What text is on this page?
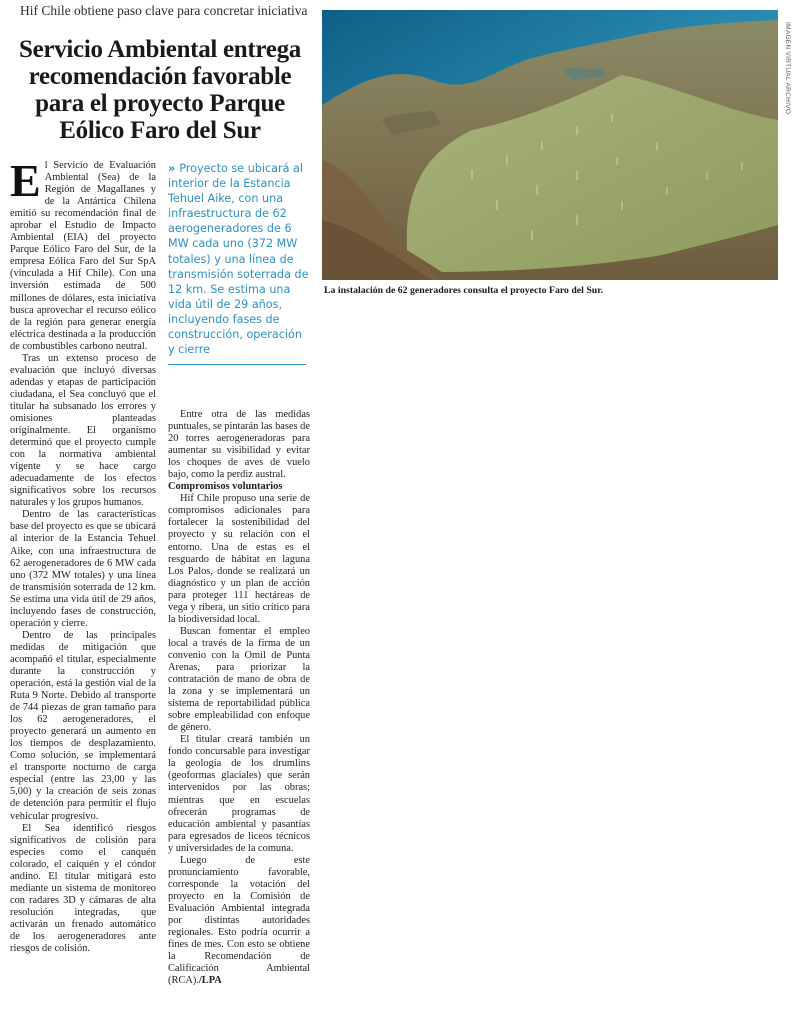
Hif Chile obtiene paso clave para concretar iniciativa
Servicio Ambiental entrega recomendación favorable para el proyecto Parque Eólico Faro del Sur
IMAGEN VIRTUAL ARCHIVO
La instalación de 62 generadores consulta el proyecto Faro del Sur.

El Servicio de Evaluación Ambiental (Sea) de la Región de Magallanes y de la Antártica Chilena emitió su recomendación final de aprobar el Estudio de Impacto Ambiental (EIA) del proyecto Parque Eólico Faro del Sur, de la empresa Eólica Faro del Sur SpA (vinculada a Hif Chile). Con una inversión estimada de 500 millones de dólares, esta iniciativa busca aprovechar el recurso eólico de la región para generar energía eléctrica destinada a la producción de combustibles carbono neutral.

Tras un extenso proceso de evaluación que incluyó diversas adendas y etapas de participación ciudadana, el Sea concluyó que el titular ha subsanado los errores y omisiones planteadas originalmente. El organismo determinó que el proyecto cumple con la normativa ambiental vigente y se hace cargo adecuadamente de los efectos significativos sobre los recursos naturales y los grupos humanos.

Dentro de las características base del proyecto es que se ubicará al interior de la Estancia Tehuel Aike, con una infraestructura de 62 aerogeneradores de 6 MW cada uno (372 MW totales) y una línea de transmisión soterrada de 12 km. Se estima una vida útil de 29 años, incluyendo fases de construcción, operación y cierre.

Dentro de las principales medidas de mitigación que acompañó el titular, especialmente durante la construcción y operación, está la gestión vial de la Ruta 9 Norte. Debido al transporte de 744 piezas de gran tamaño para los 62 aerogeneradores, el proyecto generará un aumento en los tiempos de desplazamiento. Como solución, se implementará el transporte nocturno de carga especial (entre las 23,00 y las 5,00) y la creación de seis zonas de detención para permitir el flujo vehicular progresivo.

El Sea identificó riesgos significativos de colisión para especies como el canquén colorado, el caiquén y el cóndor andino. El titular mitigará esto mediante un sistema de monitoreo con radares 3D y cámaras de alta resolución integradas, que activarán un frenado automático de los aerogeneradores ante riesgos de colisión.

» Proyecto se ubicará al interior de la Estancia Tehuel Aike, con una infraestructura de 62 aerogeneradores de 6 MW cada uno (372 MW totales) y una línea de transmisión soterrada de 12 km. Se estima una vida útil de 29 años, incluyendo fases de construcción, operación y cierre

Entre otra de las medidas puntuales, se pintarán las bases de 20 torres aerogeneradoras para aumentar su visibilidad y evitar los choques de aves de vuelo bajo, como la perdiz austral.

Compromisos voluntarios

Hif Chile propuso una serie de compromisos adicionales para fortalecer la sostenibilidad del proyecto y su relación con el entorno. Una de estas es el resguardo de hábitat en laguna Los Palos, donde se realizará un diagnóstico y un plan de acción para proteger 111 hectáreas de vega y ribera, un sitio crítico para la biodiversidad local.

Buscan fomentar el empleo local a través de la firma de un convenio con la Omil de Punta Arenas, para priorizar la contratación de mano de obra de la zona y se implementará un sistema de reportabilidad pública sobre empleabilidad con enfoque de género.

El titular creará también un fondo concursable para investigar la geología de los drumlins (geoformas glaciales) que serán intervenidos por las obras; mientras que en escuelas ofrecerán programas de educación ambiental y pasantías para egresados de liceos técnicos y universidades de la comuna.

Luego de este pronunciamiento favorable, corresponde la votación del proyecto en la Comisión de Evaluación Ambiental integrada por distintas autoridades regionales. Esto podría ocurrir a fines de mes. Con esto se obtiene la Recomendación de Calificación Ambiental (RCA)./LPA
